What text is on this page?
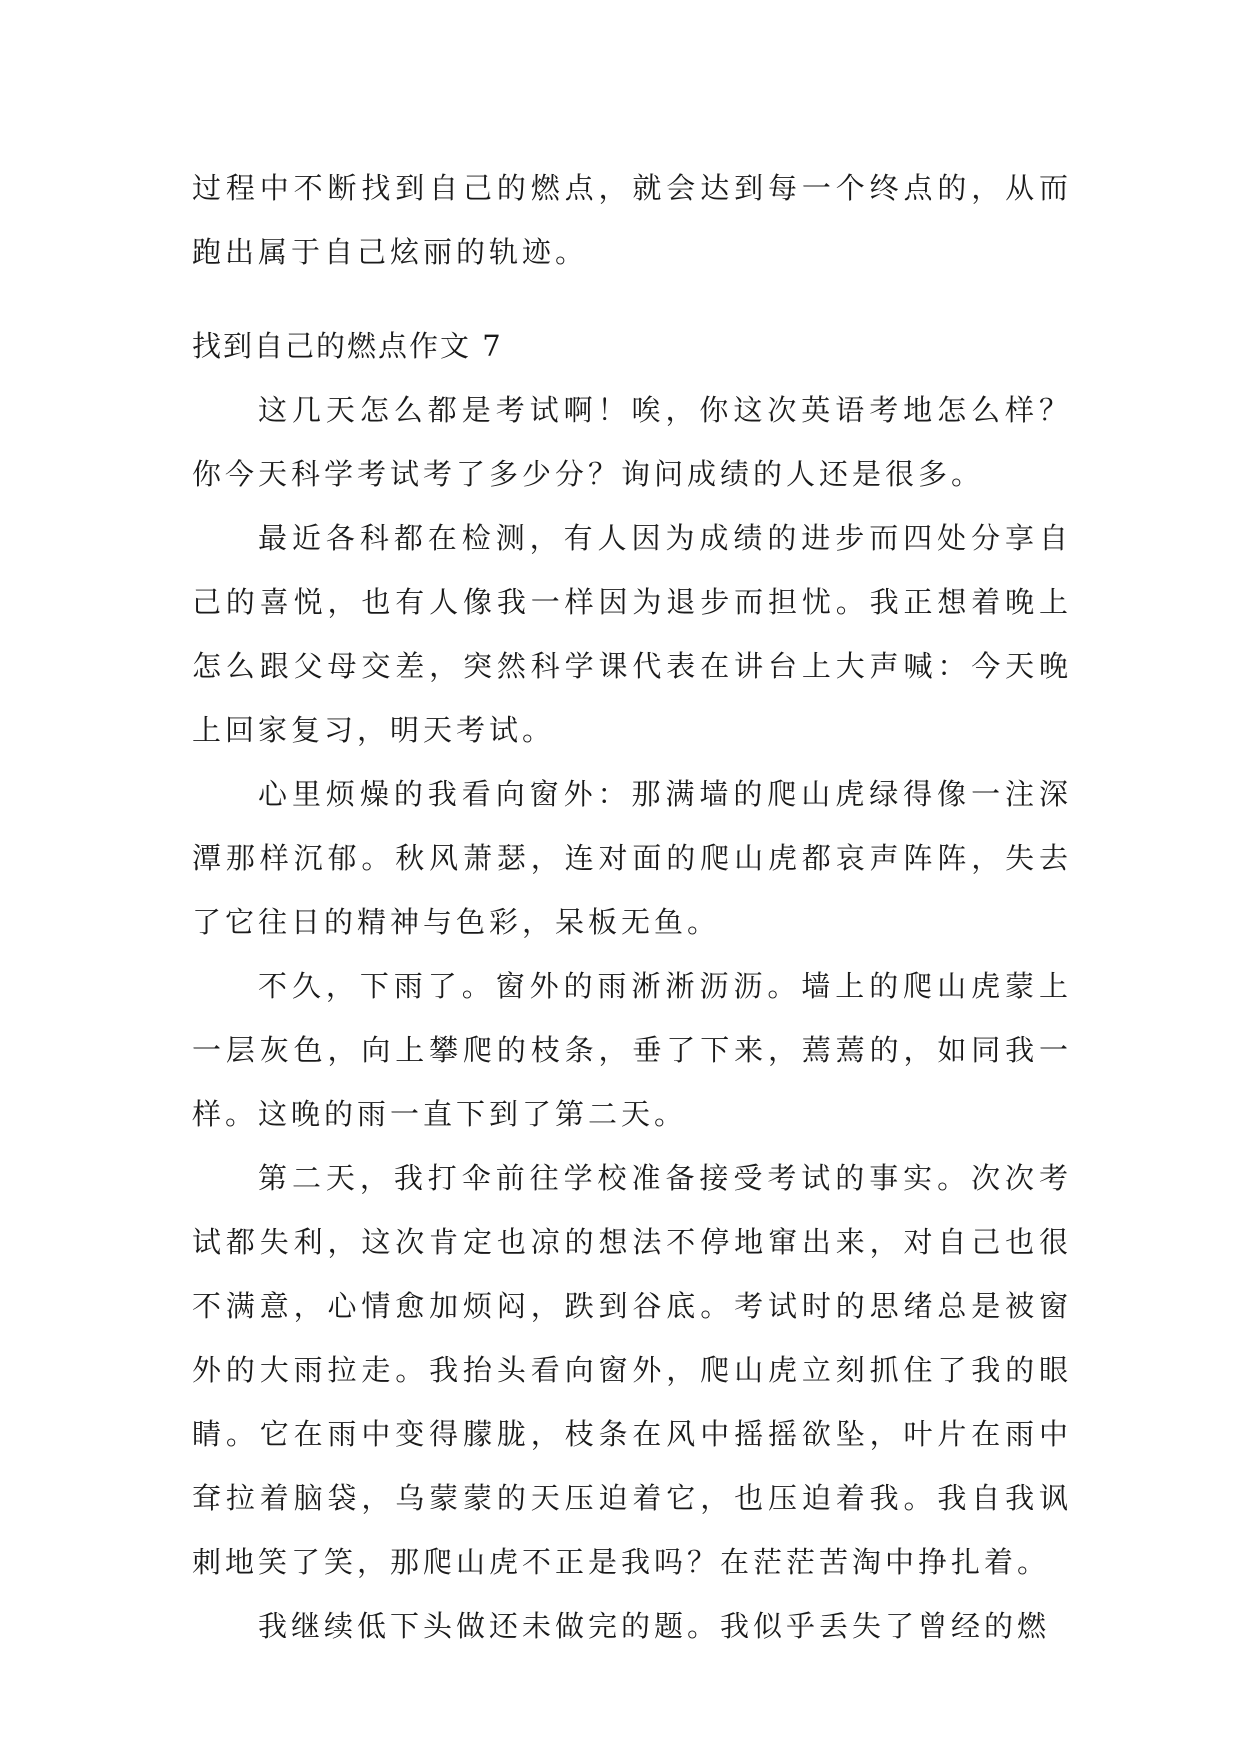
过程中不断找到自己的燃点，就会达到每一个终点的，从而跑出属于自己炫丽的轨迹。

找到自己的燃点作文 7

这几天怎么都是考试啊！唉，你这次英语考地怎么样？你今天科学考试考了多少分？询问成绩的人还是很多。

最近各科都在检测，有人因为成绩的进步而四处分享自己的喜悦，也有人像我一样因为退步而担忧。我正想着晚上怎么跟父母交差，突然科学课代表在讲台上大声喊：今天晚上回家复习，明天考试。

心里烦燥的我看向窗外：那满墙的爬山虎绿得像一注深潭那样沉郁。秋风萧瑟，连对面的爬山虎都哀声阵阵，失去了它往日的精神与色彩，呆板无鱼。

不久，下雨了。窗外的雨淅淅沥沥。墙上的爬山虎蒙上一层灰色，向上攀爬的枝条，垂了下来，蔫蔫的，如同我一样。这晚的雨一直下到了第二天。

第二天，我打伞前往学校准备接受考试的事实。次次考试都失利，这次肯定也凉的想法不停地窜出来，对自己也很不满意，心情愈加烦闷，跌到谷底。考试时的思绪总是被窗外的大雨拉走。我抬头看向窗外，爬山虎立刻抓住了我的眼睛。它在雨中变得朦胧，枝条在风中摇摇欲坠，叶片在雨中耷拉着脑袋，乌蒙蒙的天压迫着它，也压迫着我。我自我讽刺地笑了笑，那爬山虎不正是我吗？在茫茫苦淘中挣扎着。

我继续低下头做还未做完的题。我似乎丢失了曾经的燃
